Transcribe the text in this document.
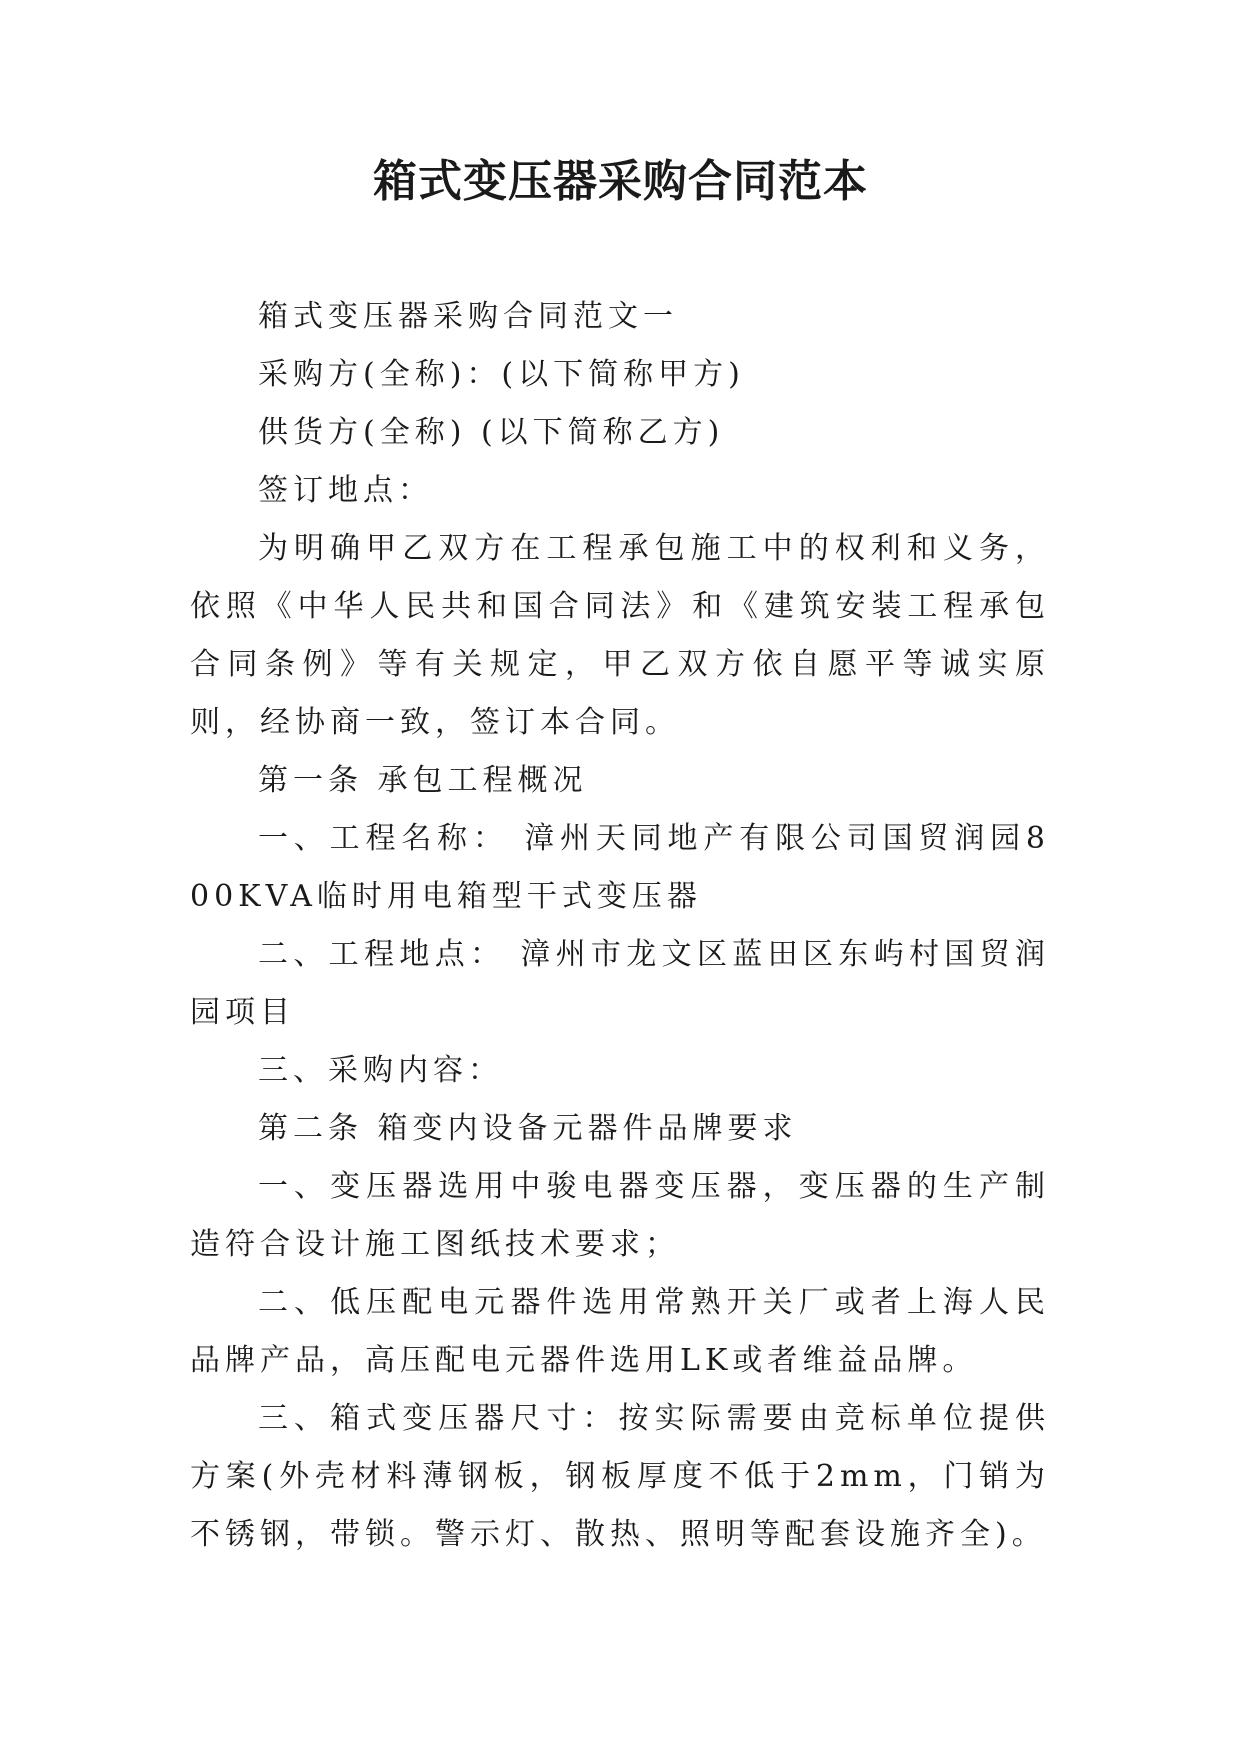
箱式变压器采购合同范本

箱式变压器采购合同范文一

采购方(全称)：(以下简称甲方)

供货方(全称) (以下简称乙方)

签订地点：

为明确甲乙双方在工程承包施工中的权利和义务，依照《中华人民共和国合同法》和《建筑安装工程承包合同条例》等有关规定，甲乙双方依自愿平等诚实原则，经协商一致，签订本合同。

第一条 承包工程概况

一、工程名称： 漳州天同地产有限公司国贸润园800KVA临时用电箱型干式变压器

二、工程地点： 漳州市龙文区蓝田区东屿村国贸润园项目

三、采购内容：

第二条 箱变内设备元器件品牌要求

一、变压器选用中骏电器变压器，变压器的生产制造符合设计施工图纸技术要求；

二、低压配电元器件选用常熟开关厂或者上海人民品牌产品，高压配电元器件选用LK或者维益品牌。

三、箱式变压器尺寸：按实际需要由竞标单位提供方案(外壳材料薄钢板，钢板厚度不低于2mm，门销为不锈钢，带锁。警示灯、散热、照明等配套设施齐全)。
